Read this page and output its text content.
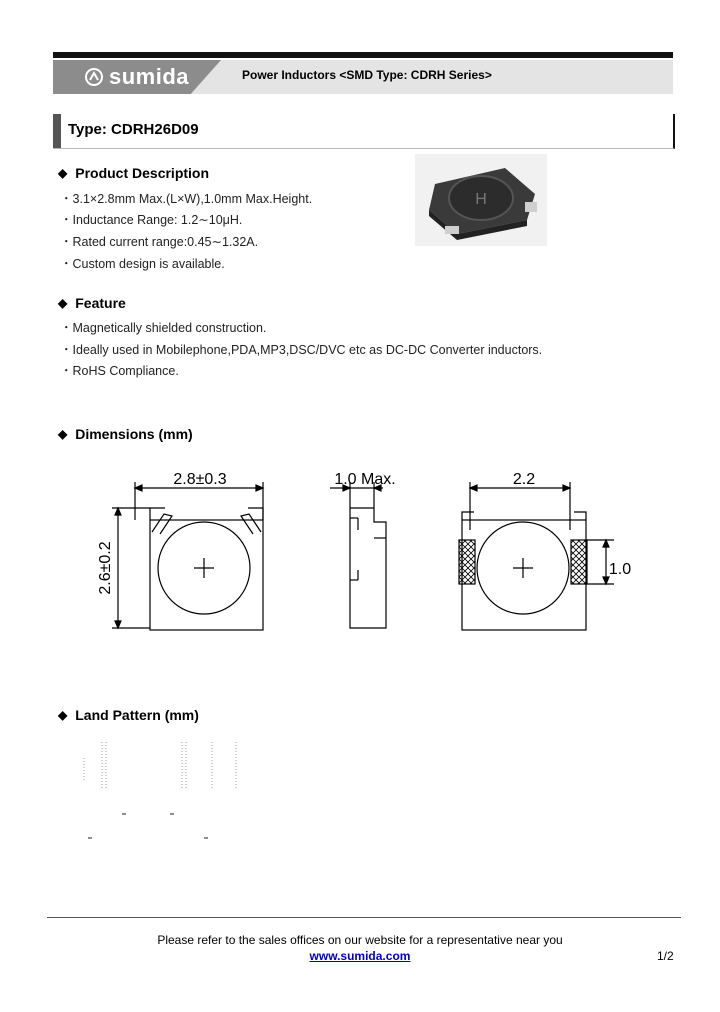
sumida	Power Inductors <SMD Type: CDRH Series>
Type: CDRH26D09
◆ Product Description
・3.1×2.8mm Max.(L×W),1.0mm Max.Height.
・Inductance Range: 1.2∼10μH.
・Rated current range:0.45∼1.32A.
・Custom design is available.
H
◆ Feature
・Magnetically shielded construction.
・Ideally used in Mobilephone,PDA,MP3,DSC/DVC etc as DC-DC Converter inductors.
・RoHS Compliance.
◆ Dimensions (mm)
2.8±0.3
2.6±0.2
1.0 Max.	2.2
1.0
◆ Land Pattern (mm)
Please refer to the sales offices on our website for a representative near you
www.sumida.com	1/2
